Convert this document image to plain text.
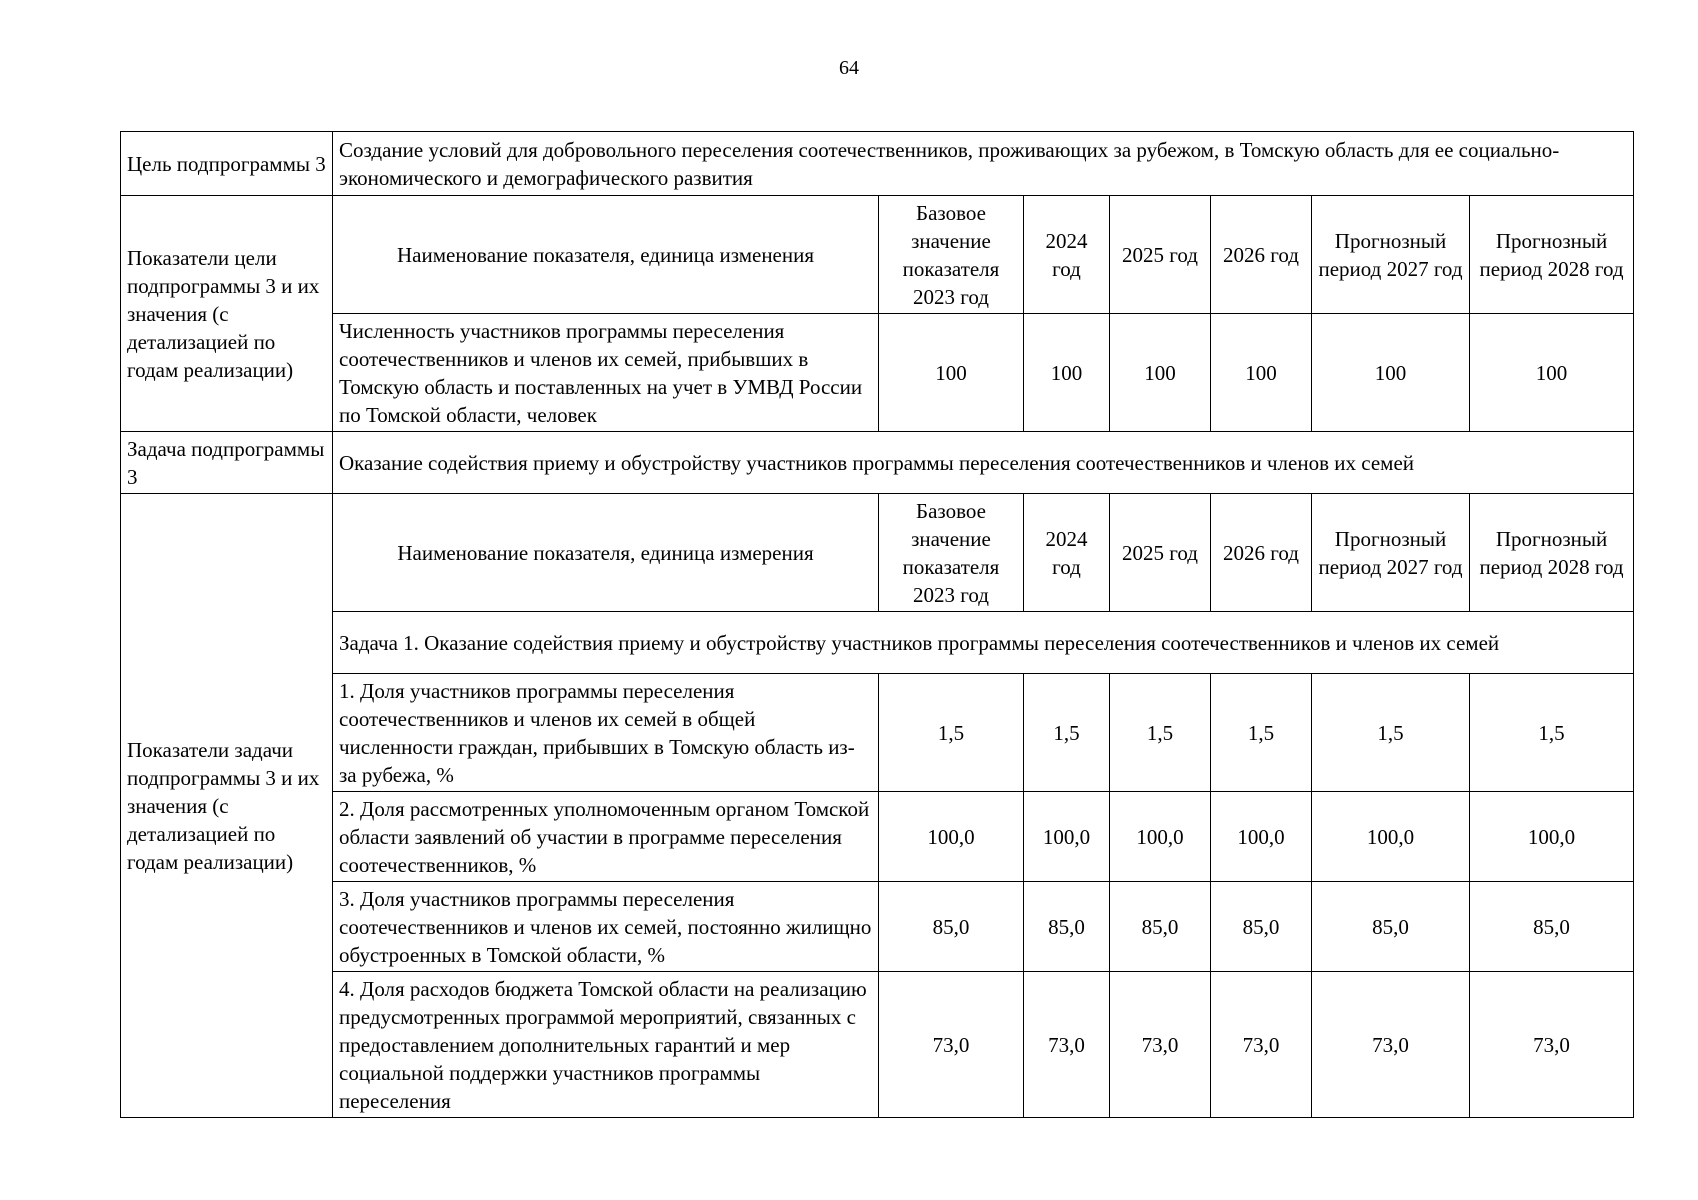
64
Цель подпрограммы 3	Создание условий для добровольного переселения соотечественников, проживающих за рубежом, в Томскую область для ее социально-экономического и демографического развития						
Показатели цели подпрограммы 3 и их значения (с детализацией по годам реализации)	Наименование показателя, единица изменения	Базовое значение показателя 2023 год	2024 год	2025 год	2026 год	Прогнозный период 2027 год	Прогнозный период 2028 год
	Численность участников программы переселения соотечественников и членов их семей, прибывших в Томскую область и поставленных на учет в УМВД России по Томской области, человек	100	100	100	100	100	100
Задача подпрограммы 3	Оказание содействия приему и обустройству участников программы переселения соотечественников и членов их семей						
Показатели задачи подпрограммы 3 и их значения (с детализацией по годам реализации)	Наименование показателя, единица измерения	Базовое значение показателя 2023 год	2024 год	2025 год	2026 год	Прогнозный период 2027 год	Прогнозный период 2028 год
	Задача 1. Оказание содействия приему и обустройству участников программы переселения соотечественников и членов их семей						
	1. Доля участников программы переселения соотечественников и членов их семей в общей численности граждан, прибывших в Томскую область из-за рубежа, %	1,5	1,5	1,5	1,5	1,5	1,5
	2. Доля рассмотренных уполномоченным органом Томской области заявлений об участии в программе переселения соотечественников, %	100,0	100,0	100,0	100,0	100,0	100,0
	3. Доля участников программы переселения соотечественников и членов их семей, постоянно жилищно обустроенных в Томской области, %	85,0	85,0	85,0	85,0	85,0	85,0
	4. Доля расходов бюджета Томской области на реализацию предусмотренных программой мероприятий, связанных с предоставлением дополнительных гарантий и мер социальной поддержки участников программы переселения	73,0	73,0	73,0	73,0	73,0	73,0
